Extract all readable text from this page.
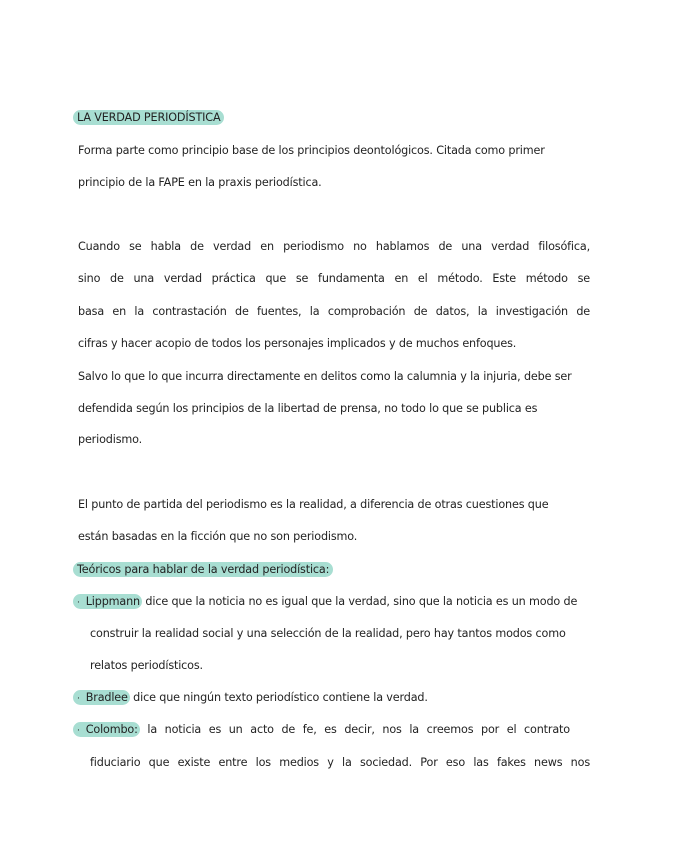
LA VERDAD PERIODÍSTICA
Forma parte como principio base de los principios deontológicos. Citada como primer
principio de la FAPE en la praxis periodística.
Cuando se habla de verdad en periodismo no hablamos de una verdad filosófica,
sino de una verdad práctica que se fundamenta en el método. Este método se
basa en la contrastación de fuentes, la comprobación de datos, la investigación de
cifras y hacer acopio de todos los personajes implicados y de muchos enfoques.
Salvo lo que lo que incurra directamente en delitos como la calumnia y la injuria, debe ser
defendida según los principios de la libertad de prensa, no todo lo que se publica es
periodismo.
El punto de partida del periodismo es la realidad, a diferencia de otras cuestiones que
están basadas en la ficción que no son periodismo.
Teóricos para hablar de la verdad periodística:
· Lippmann dice que la noticia no es igual que la verdad, sino que la noticia es un modo de
construir la realidad social y una selección de la realidad, pero hay tantos modos como
relatos periodísticos.
· Bradlee dice que ningún texto periodístico contiene la verdad.
· Colombo: la noticia es un acto de fe, es decir, nos la creemos por el contrato
fiduciario que existe entre los medios y la sociedad. Por eso las fakes news nos
